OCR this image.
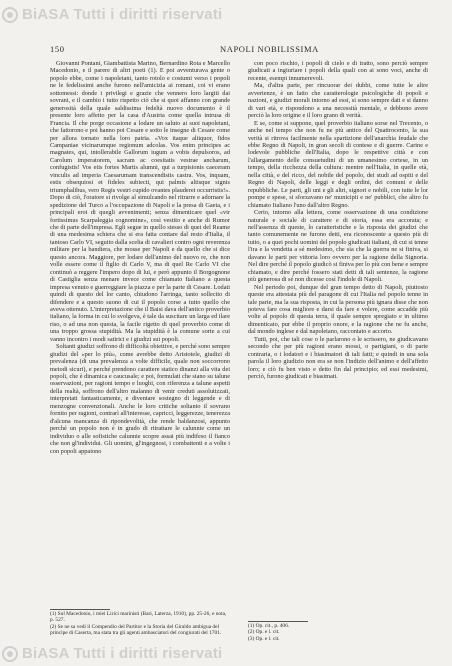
BiASA Tutti i diritti riservati
BiASA Tutti i diritti riservati
150	NAPOLI NOBILISSIMA

Giovanni Pontani, Giambattista Marino, Bernardino Rota e Marcello Macedonio, e il parere di altri poeti (1). E poi avventurava gente o popolo ebbe, come i napoletani, tanto rotolo e costumi verso i popoli ne le fedelissimi anche furono nell'amicizia ai romani, coi vi erano sottomessi: donde i privilegi e grazie che vennero loro largiti dai sovrani, e il cambio i tutto rispetto ciò che si quoi affanno con grande generosità della quale saldissima fedeltà nuovo documento è il presente loro affetto per la casa d'Austria come quella intrusa di Francia. Il che porge occasione a lodare un saluto ai suoi napoletani, che fattorono e poi hanno poi Cesare e sotto le insegne di Cesare come per allora tornato nella loro patria. «Vox itaque altiquor, fidos Campaniae vicinarumque regionum adcolas. Vos enim principes ac magnates, qui, intollerabile Gallorum iugum a vobis depulsoros, ad Carolum imperatorem, sacram ac coesitatis vestrae ancharum, confugistis! Vos etis fortes Martis alumni, qui a turpisionis caeceram vinculis ad imperia Caesarumam transcendistis castra. Vos, inquam, estis obsequiosi et fideles subiecti, qui palmis altisque signis triumphalibus, vero Regis vestri cupido ovantes plauderet occurristis!». Dopo di ciò, l'oratore si rivolge al simulcando nel ritrarre e adornare la spedizione del Turco a l'occupazione di Napoli e la presa di Gaeta, e i principali eroi di quegli avvenimenti; senza dimenticare quel «vir fortissimus Scarpaleggia cognomine», così vestito e anche di Rumor che di parte dell'impresa. Egli segue in quello stesso di quei del Reame di una medesima schiera che si era fatta contare dal resto d'Italia, il tantoso Carlo VI, seguito dalla scelta di cavalieri contro ogni reverenza militare per la bandiera, che mosse per Napoli e da quello che si dice questo ancora. Maggiore, per lodare dell'animo del nuovo re, che non volle essere come il figlio di Carlo V, ma di quel Re Carlo VI che continuò a reggere l'impero dopo di lui, e però appunto il Borgognone di Castiglia senza menare invece come chiamato Italiano a questa impresa venuto e guerreggiare la piazza e per la parte di Cesare. Lodati quindi di questo del lor canto, chiudono l'arringa, tanto sollecito di difendere e a questo suono di cui il popolo corse a tutto quello che aveva ottenuto. L'interpretazione che il Baisi dava dell'antico proverbio italiano, la forma in cui lo svolgeva, è tale da suscitare un larga ed ilare riso, o ad una non questa, la facile rigetto di quel proverbio come di una troppo grossa stupidità. Ma la stupidità è la comune sorte a cui vanno incontro i modi satirici e i giudizi sui popoli.

Soltanti giudizi soffrono di difficoltà obiettive, e perché sono sempre giudizi del «per lo più», come avrebbe detto Aristotele, giudizi di prevalenza (di una prevalenza a volte difficile, quale non soccorrono metodi sicuri), e perché prendono carattere statico dinanzi alla vita dei popoli, che è dinamica e caucusale; e poi, formulati che siano su talune osservazioni, per ragioni tempo e luoghi, con riferenza a talune aspetti della realtà, soffrono dell'altro malanno di venir creduti assolutizzati, interpretati fantasticamente, e diventare sostegno di leggende e di menzogne convenzionali. Anche le loro critiche soltanto il sovrano fornito per ragioni, contrarì all'interesse, capricci, leggerezze, tenerezza d'alcuna mancanza di ripondevolità, che rende baldanzosi, appunto perché un popolo non è in grado di ritrattare le calunnie come un individuo o alle sofistiche calunnie scopre assai più indifeso il fianco che non gl'individui. Gli uomini, gl'ingegnosi, i combattenti e a volte i con popoli appaiono

con poco rischio, i popoli di cielo e di tratto, sono perciò sempre giudicati a ingiuriare i popoli della quali con ai sono voci, anche di recente, esempi innumerevoli.

Ma, d'altra parte, per rincuorar dei dubbi, come tutte le altre avvertenze, è un fatto che caratterologie psicologiche di popoli e nazioni, e giudizi morali intorno ad essi, si sono sempre dati e si danno di vari età, e rispondono a una necessità mentale, e debbono avere perciò la loro origine e il loro grano di verità.

E se, come si suppone, quel proverbio italiano sorse nel Trecento, o anche nel tempo che non fu ne più antico del Quattrocento, la sua verità si ritrova facilmente nella spartizione dell'anarchia feudale che ebbe Regno di Napoli, in gran secoli di contese e di guerre. Carine e lodevole pubbliche dell'Italia, dopo le respettive città e con l'allargamento delle consuetudini di un umanesimo cortese, in un tempo, della ricchezza della cultura: mentre nell'Italia, in quelle età, nella città, e del ricco, del nobile del popolo, dei studi ad ospiti e del Regno di Napoli, delle leggi e degli ordini, dei comuni e delle repubbliche. Le parti, gli uni e gli altri, signori e nobili, con tutte le lor pompe e spese, si sforzavano ne' municipii e ne' pubblici, che altro fu chiamato Italiano l'uno dall'altro Regno.

Certo, intorno alla lettera, come osservazione di una condizione naturale e sociale di carattere e di storia, essa era accorata; e nell'assenza di queste, lo caratteristiche e la risposta dei giudizi che tanto comunemente ne furono detti, era riconoscente a questo più di tutto, o a quei pochi uomini del popolo giudicati italiani, di cui si tenne l'ira e la vendetta a sé medesimo, che sia che la guerra ne si finiva, si davano le parti per vittoria loro ovvero per la ragione della Signoria. Nel dire perché il popolo giudicò si finiva per lo più con bene e sempre chiamato, e dire perché fossero stati detti di tali sentenze, la ragione più generosa di sé non dicesse così l'indole di Napoli.

Nel periodo poi, dunque del gran tempo detto di Napoli, piuttosto queste era attestata più del paragone di cui l'Italia nel popolo tenne in tale parte, ma la sua risposta, in cui la persona più ignara disse che non poteva fare cosa migliore e darsi da fare e volere, come accadde più volte al popolo di questa terra, il quale sempre spregiato e in ultimo dimenticato, pur ebbe il proprio onore, e la ragione che ne fu anche, dal mondo inglese e dal napoletano, raccontato e accorto.

Tutti, poi, che tali cose o le parlarono o le scrissero, ne giudicavano secondo che per più ragioni erano mossi, o partigiani, o di parte contraria, o i lodatori e i biasimatori di tali fatti; e quindi in una sola parola il loro giudizio non era se non l'indizio dell'animo e dell'affetto loro; e ciò fu ben visto e detto fin dal principio; ed essi medesimi, perciò, furono giudicati e biasimati.

(1) Sul Macedonio, i miei Lirici marinisti (Bari, Laterza, 1910), pp. 25-26, e nota, p. 527.
(2) Se ne sa vedi il Compendio del Partitor e la Storia del Giraldo ambigua del principe di Caserta, ma stata tra gli agenti ambasciatori del congiurati del 1701.
(1) Op. cit., p. 406.
(2) Op. e l. cit.
(3) Op. e l. cit.
